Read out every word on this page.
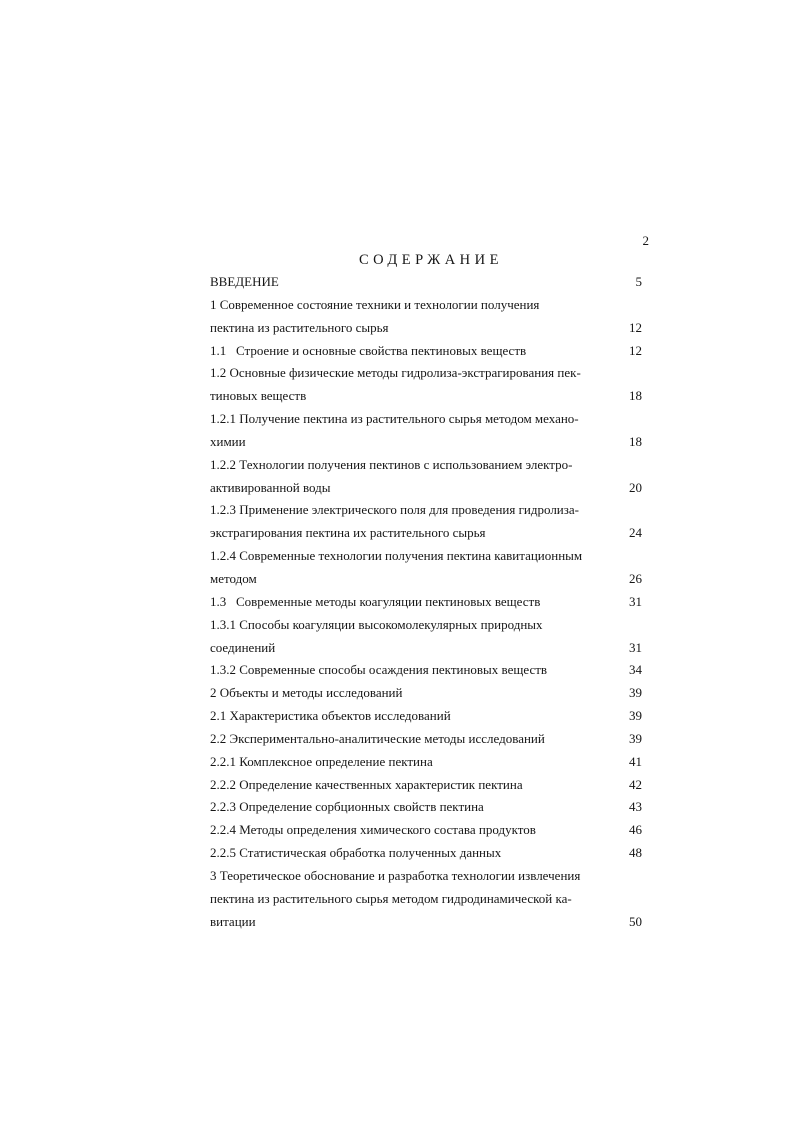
2
СОДЕРЖАНИЕ
ВВЕДЕНИЕ	5
1 Современное состояние техники и технологии получения
пектина из растительного сырья	12
1.1   Строение и основные свойства пектиновых веществ	12
1.2 Основные физические методы гидролиза-экстрагирования пек-
тиновых веществ	18
1.2.1 Получение пектина из растительного сырья методом механо-
химии	18
1.2.2 Технологии получения пектинов с использованием электро-
активированной воды	20
1.2.3 Применение электрического поля для проведения гидролиза-
экстрагирования пектина их растительного сырья	24
1.2.4 Современные технологии получения пектина кавитационным
методом	26
1.3   Современные методы коагуляции пектиновых веществ	31
1.3.1 Способы коагуляции высокомолекулярных природных
соединений	31
1.3.2 Современные способы осаждения пектиновых веществ	34
2 Объекты и методы исследований	39
2.1 Характеристика объектов исследований	39
2.2 Экспериментально-аналитические методы исследований	39
2.2.1 Комплексное определение пектина	41
2.2.2 Определение качественных характеристик пектина	42
2.2.3 Определение сорбционных свойств пектина	43
2.2.4 Методы определения химического состава продуктов	46
2.2.5 Статистическая обработка полученных данных	48
3 Теоретическое обоснование и разработка технологии извлечения
пектина из растительного сырья методом гидродинамической ка-
витации	50
